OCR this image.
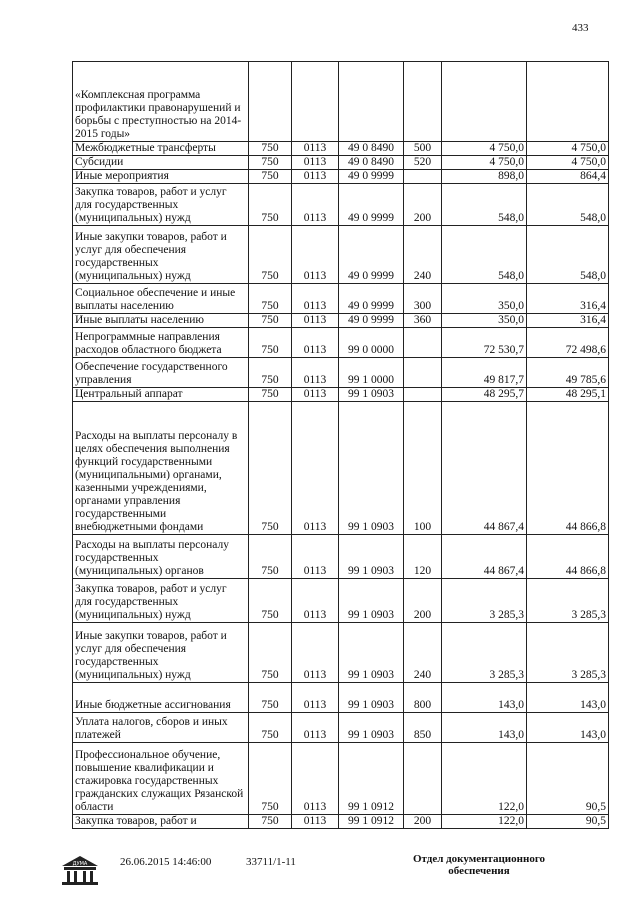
433
«Комплексная программа профилактики правонарушений и борьбы с преступностью на 2014-2015 годы»						
Межбюджетные трансферты	750	0113	49 0 8490	500	4 750,0	4 750,0
Субсидии	750	0113	49 0 8490	520	4 750,0	4 750,0
Иные мероприятия	750	0113	49 0 9999		898,0	864,4
Закупка товаров, работ и услуг для государственных (муниципальных) нужд	750	0113	49 0 9999	200	548,0	548,0
Иные закупки товаров, работ и услуг для обеспечения государственных (муниципальных) нужд	750	0113	49 0 9999	240	548,0	548,0
Социальное обеспечение и иные выплаты населению	750	0113	49 0 9999	300	350,0	316,4
Иные выплаты населению	750	0113	49 0 9999	360	350,0	316,4
Непрограммные направления расходов областного бюджета	750	0113	99 0 0000		72 530,7	72 498,6
Обеспечение государственного управления	750	0113	99 1 0000		49 817,7	49 785,6
Центральный аппарат	750	0113	99 1 0903		48 295,7	48 295,1
Расходы на выплаты персоналу в целях обеспечения выполнения функций государственными (муниципальными) органами, казенными учреждениями, органами управления государственными внебюджетными фондами	750	0113	99 1 0903	100	44 867,4	44 866,8
Расходы на выплаты персоналу государственных (муниципальных) органов	750	0113	99 1 0903	120	44 867,4	44 866,8
Закупка товаров, работ и услуг для государственных (муниципальных) нужд	750	0113	99 1 0903	200	3 285,3	3 285,3
Иные закупки товаров, работ и услуг для обеспечения государственных (муниципальных) нужд	750	0113	99 1 0903	240	3 285,3	3 285,3
Иные бюджетные ассигнования	750	0113	99 1 0903	800	143,0	143,0
Уплата налогов, сборов и иных платежей	750	0113	99 1 0903	850	143,0	143,0
Профессиональное обучение, повышение квалификации и стажировка государственных гражданских служащих Рязанской области	750	0113	99 1 0912		122,0	90,5
Закупка товаров, работ и	750	0113	99 1 0912	200	122,0	90,5
ДУМА	26.06.2015 14:46:00	33711/1-11	Отдел документационного
обеспечения
